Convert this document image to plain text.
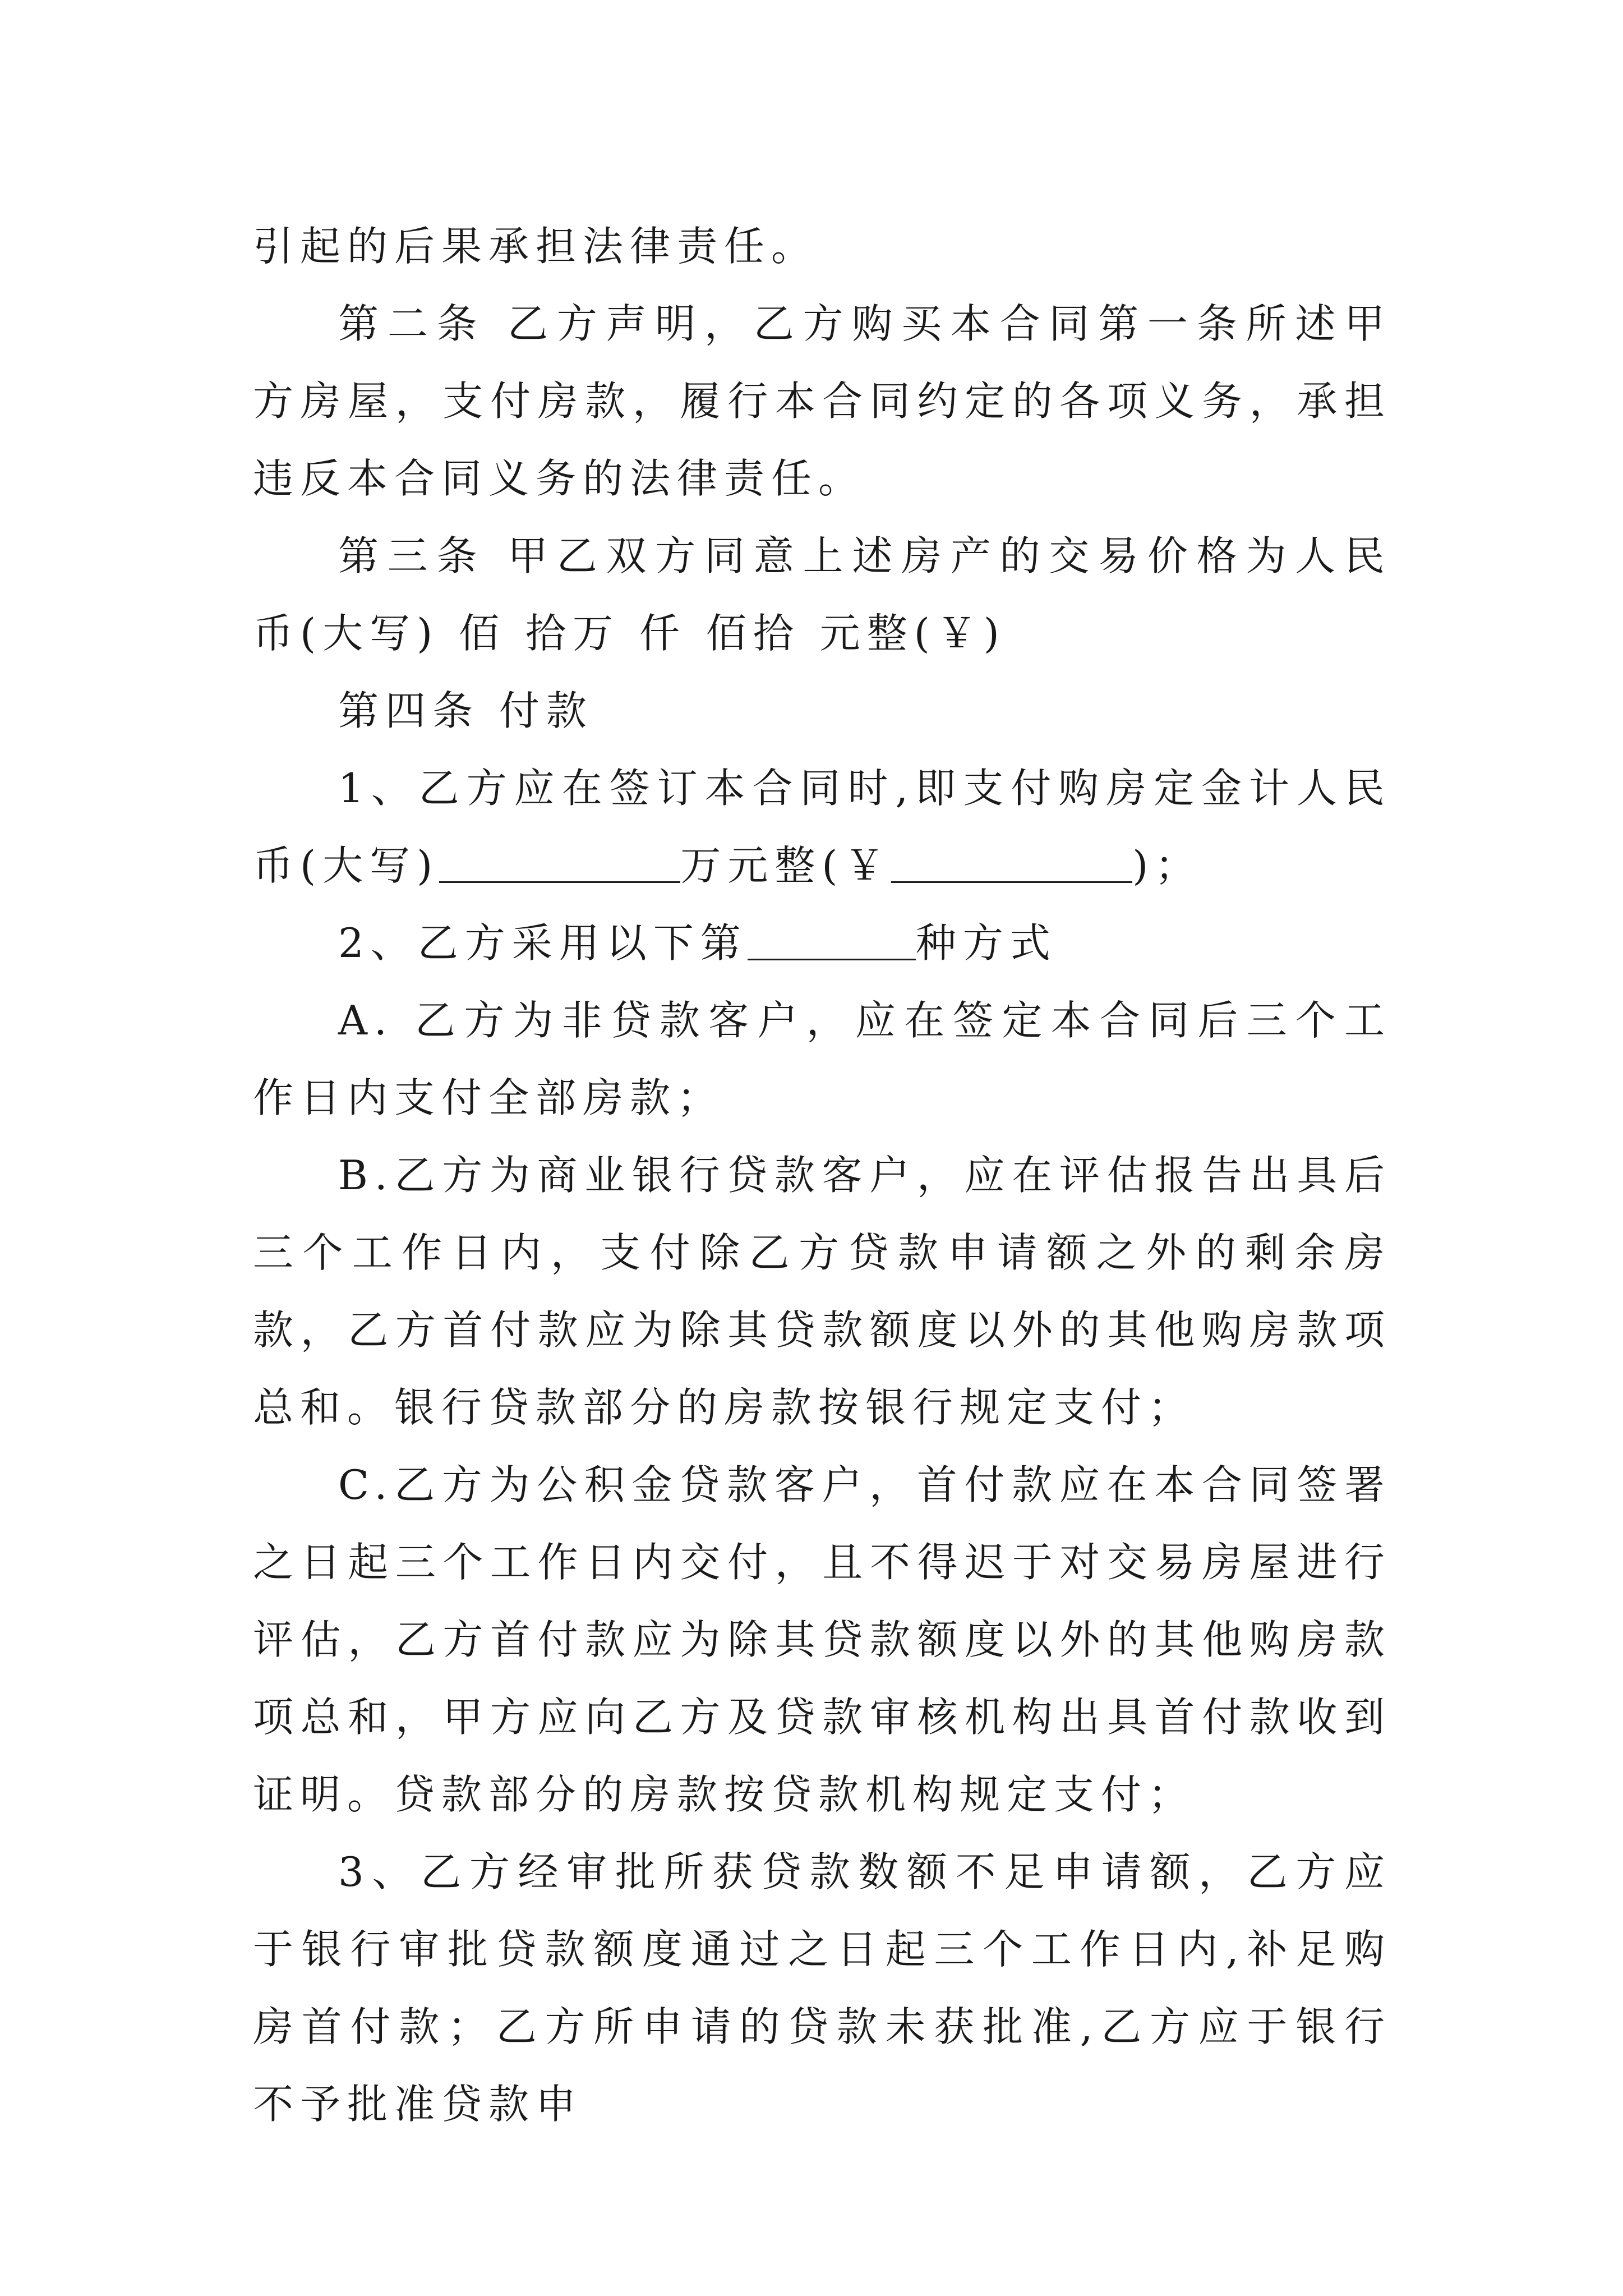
引起的后果承担法律责任。

第二条 乙方声明，乙方购买本合同第一条所述甲方房屋，支付房款，履行本合同约定的各项义务，承担违反本合同义务的法律责任。

第三条 甲乙双方同意上述房产的交易价格为人民币(大写) 佰 拾万 仟 佰拾 元整(￥)

第四条 付款

1、乙方应在签订本合同时,即支付购房定金计人民币(大写)	万元整(￥	)；

2、乙方采用以下第	种方式

A. 乙方为非贷款客户，应在签定本合同后三个工作日内支付全部房款；

B.乙方为商业银行贷款客户，应在评估报告出具后三个工作日内，支付除乙方贷款申请额之外的剩余房款，乙方首付款应为除其贷款额度以外的其他购房款项总和。银行贷款部分的房款按银行规定支付；

C.乙方为公积金贷款客户，首付款应在本合同签署之日起三个工作日内交付，且不得迟于对交易房屋进行评估，乙方首付款应为除其贷款额度以外的其他购房款项总和，甲方应向乙方及贷款审核机构出具首付款收到证明。贷款部分的房款按贷款机构规定支付；

3、乙方经审批所获贷款数额不足申请额，乙方应于银行审批贷款额度通过之日起三个工作日内,补足购房首付款；乙方所申请的贷款未获批准,乙方应于银行不予批准贷款申
